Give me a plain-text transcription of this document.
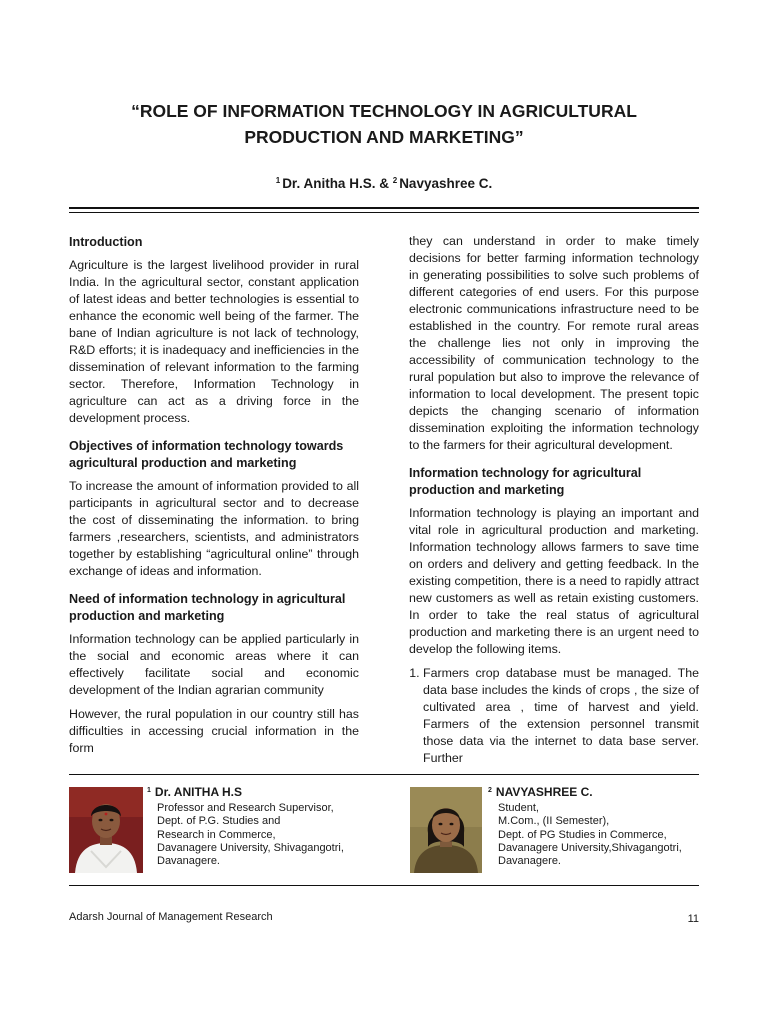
“ROLE OF INFORMATION TECHNOLOGY IN AGRICULTURAL
PRODUCTION AND MARKETING”
$^1$ Dr. Anitha H.S. & $^2$ Navyashree C.
Introduction

Agriculture is the largest livelihood provider in rural India. In the agricultural sector, constant application of latest ideas and better technologies is essential to enhance the economic well being of the farmer. The bane of Indian agriculture is not lack of technology, R&D efforts; it is inadequacy and inefficiencies in the dissemination of relevant information to the farming sector. Therefore, Information Technology in agriculture can act as a driving force in the development process.

Objectives of information technology towards agricultural production and marketing

To increase the amount of information provided to all participants in agricultural sector and to decrease the cost of disseminating the information. to bring farmers ,researchers, scientists, and administrators together by establishing “agricultural online” through exchange of ideas and information.

Need of information technology in agricultural production and marketing

Information technology can be applied particularly in the social and economic areas where it can effectively facilitate social and economic development of the Indian agrarian community

However, the rural population in our country still has difficulties in accessing crucial information in the form

they can understand in order to make timely decisions for better farming information technology in generating possibilities to solve such problems of different categories of end users. For this purpose electronic communications infrastructure need to be established in the country. For remote rural areas the challenge lies not only in improving the accessibility of communication technology to the rural population but also to improve the relevance of information to local development. The present topic depicts the changing scenario of information dissemination exploiting the information technology to the farmers for their agricultural development.

Information technology for agricultural production and marketing

Information technology is playing an important and vital role in agricultural production and marketing. Information technology allows farmers to save time on orders and delivery and getting feedback. In the existing competition, there is a need to rapidly attract new customers as well as retain existing customers. In order to take the real status of agricultural production and marketing there is an urgent need to develop the following items.

1. Farmers crop database must be managed. The data base includes the kinds of crops , the size of cultivated area , time of harvest and yield. Farmers of the extension personnel transmit those data via the internet to data base server. Further
$^1$ Dr. ANITHA H.S
Professor and Research Supervisor,
Dept. of P.G. Studies and
Research in Commerce,
Davanagere University, Shivagangotri,
Davanagere.
$^2$ NAVYASHREE C.
Student,
M.Com., (II Semester),
Dept. of PG Studies in Commerce,
Davanagere University,Shivagangotri,
Davanagere.
Adarsh Journal of Management Research	11
